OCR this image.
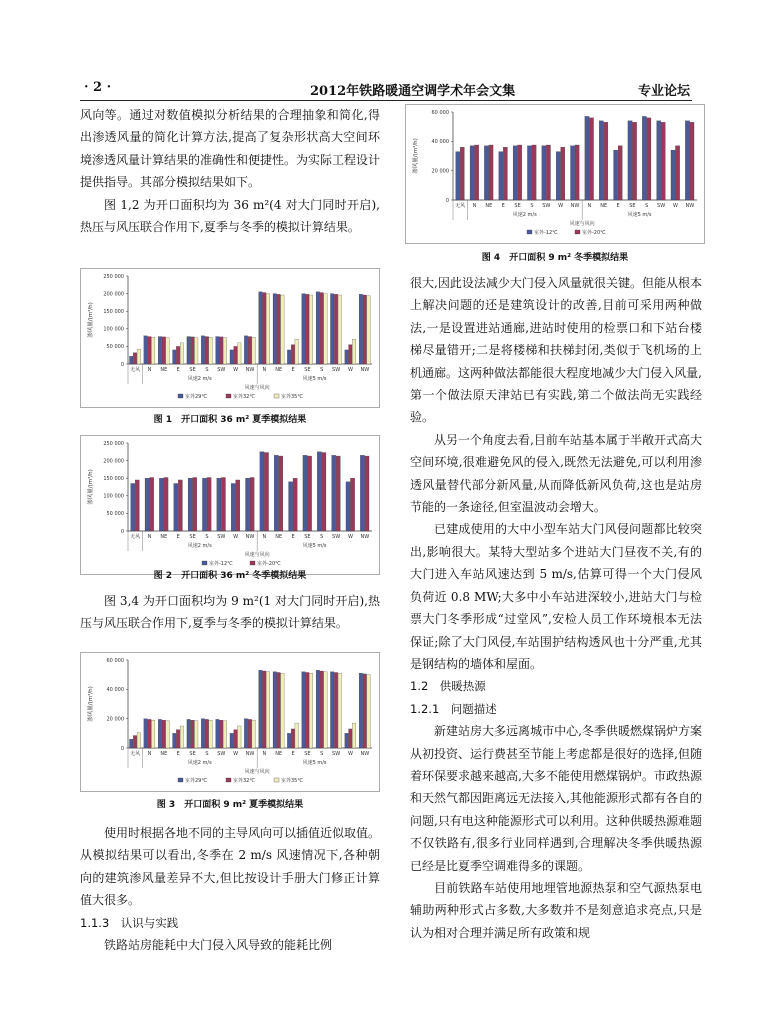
· 2 ·	2012年铁路暖通空调学术年会文集	专业论坛

风向等。通过对数值模拟分析结果的合理抽象和简化,得出渗透风量的简化计算方法,提高了复杂形状高大空间环境渗透风量计算结果的准确性和便捷性。为实际工程设计提供指导。其部分模拟结果如下。

图 1,2 为开口面积均为 36 m²(4 对大门同时开启),热压与风压联合作用下,夏季与冬季的模拟计算结果。

0
50 000
100 000
150 000
200 000
250 000
渗风量/(m³/h)
无风 N NE E SE S SW W NW N NE E SE S SW W NW
风速2 m/s	风速5 m/s
风速与风向
室外29℃	室外32℃	室外35℃
图 1　开口面积 36 m² 夏季模拟结果
0
50 000
100 000
150 000
200 000
250 000
渗风量/(m³/h)
无风 N NE E SE S SW W NW N NE E SE S SW W NW
风速2 m/s	风速5 m/s
风速与风向
室外-12℃	室外-20℃
图 2　开口面积 36 m² 冬季模拟结果

图 3,4 为开口面积均为 9 m²(1 对大门同时开启),热压与风压联合作用下,夏季与冬季的模拟计算结果。

0
20 000
40 000
60 000
渗风量/(m³/h)
无风 N NE E SE S SW W NW N NE E SE S SW W NW
风速2 m/s	风速5 m/s
风速与风向
室外29℃	室外32℃	室外35℃
图 3　开口面积 9 m² 夏季模拟结果

使用时根据各地不同的主导风向可以插值近似取值。从模拟结果可以看出,冬季在 2 m/s 风速情况下,各种朝向的建筑渗风量差异不大,但比按设计手册大门修正计算值大很多。

1.1.3　认识与实践

铁路站房能耗中大门侵入风导致的能耗比例

0
20 000
40 000
60 000
渗风量/(m³/h)
无风 N NE E SE S SW W NW N NE E SE S SW W NW
风速2 m/s	风速5 m/s
风速与风向
室外-12℃	室外-20℃
图 4　开口面积 9 m² 冬季模拟结果

很大,因此设法减少大门侵入风量就很关键。但能从根本上解决问题的还是建筑设计的改善,目前可采用两种做法,一是设置进站通廊,进站时使用的检票口和下站台楼梯尽量错开;二是将楼梯和扶梯封闭,类似于飞机场的上机通廊。这两种做法都能很大程度地减少大门侵入风量,第一个做法原天津站已有实践,第二个做法尚无实践经验。

从另一个角度去看,目前车站基本属于半敞开式高大空间环境,很难避免风的侵入,既然无法避免,可以利用渗透风量替代部分新风量,从而降低新风负荷,这也是站房节能的一条途径,但室温波动会增大。

已建成使用的大中小型车站大门风侵问题都比较突出,影响很大。某特大型站多个进站大门昼夜不关,有的大门进入车站风速达到 5 m/s,估算可得一个大门侵风负荷近 0.8 MW;大多中小车站进深较小,进站大门与检票大门冬季形成“过堂风”,安检人员工作环境根本无法保证;除了大门风侵,车站围护结构透风也十分严重,尤其是钢结构的墙体和屋面。

1.2　供暖热源

1.2.1　问题描述

新建站房大多远离城市中心,冬季供暖燃煤锅炉方案从初投资、运行费甚至节能上考虑都是很好的选择,但随着环保要求越来越高,大多不能使用燃煤锅炉。市政热源和天然气都因距离远无法接入,其他能源形式都有各自的问题,只有电这种能源形式可以利用。这种供暖热源难题不仅铁路有,很多行业同样遇到,合理解决冬季供暖热源已经是比夏季空调难得多的课题。

目前铁路车站使用地埋管地源热泵和空气源热泵电辅助两种形式占多数,大多数并不是刻意追求亮点,只是认为相对合理并满足所有政策和规
